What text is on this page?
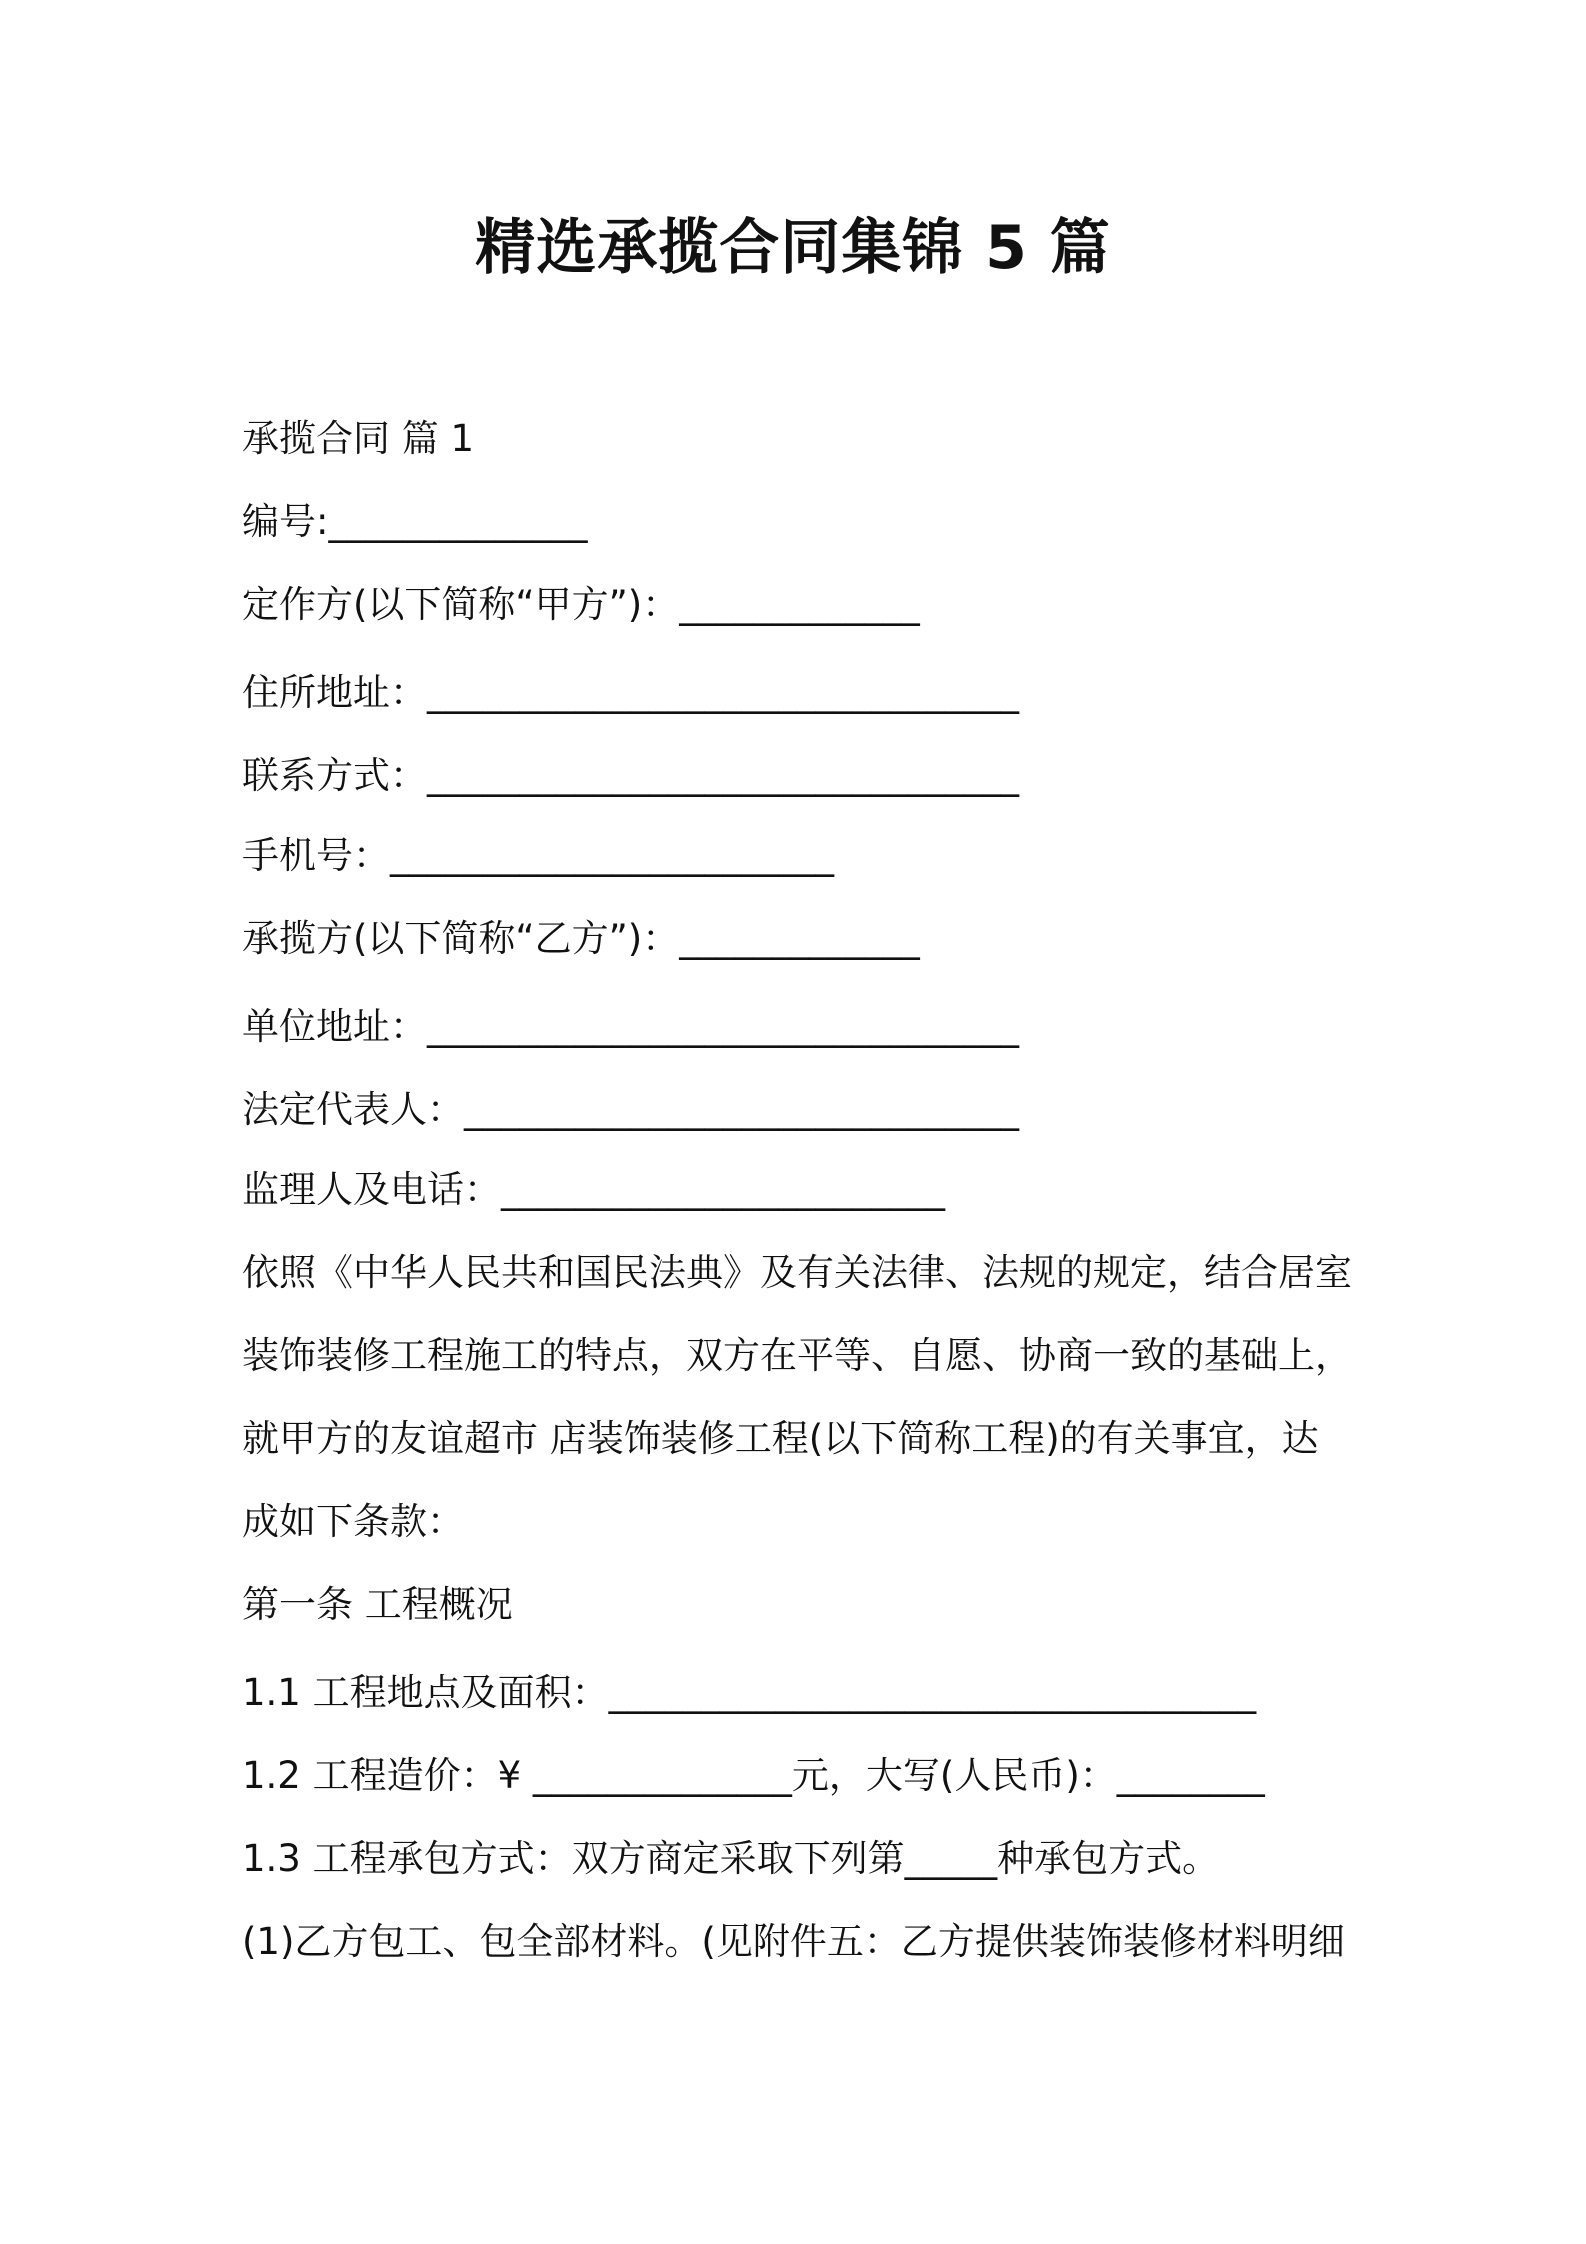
精选承揽合同集锦 5 篇

承揽合同 篇 1

编号:______________

定作方(以下简称“甲方”)：_____________

住所地址：________________________________

联系方式：________________________________

手机号：________________________

承揽方(以下简称“乙方”)：_____________

单位地址：________________________________

法定代表人：______________________________

监理人及电话：________________________

依照《中华人民共和国民法典》及有关法律、法规的规定，结合居室

装饰装修工程施工的特点，双方在平等、自愿、协商一致的基础上，

就甲方的友谊超市 店装饰装修工程(以下简称工程)的有关事宜，达

成如下条款：

第一条 工程概况

1.1 工程地点及面积：___________________________________

1.2 工程造价：¥ ______________元，大写(人民币)：________

1.3 工程承包方式：双方商定采取下列第_____种承包方式。

(1)乙方包工、包全部材料。(见附件五：乙方提供装饰装修材料明细
